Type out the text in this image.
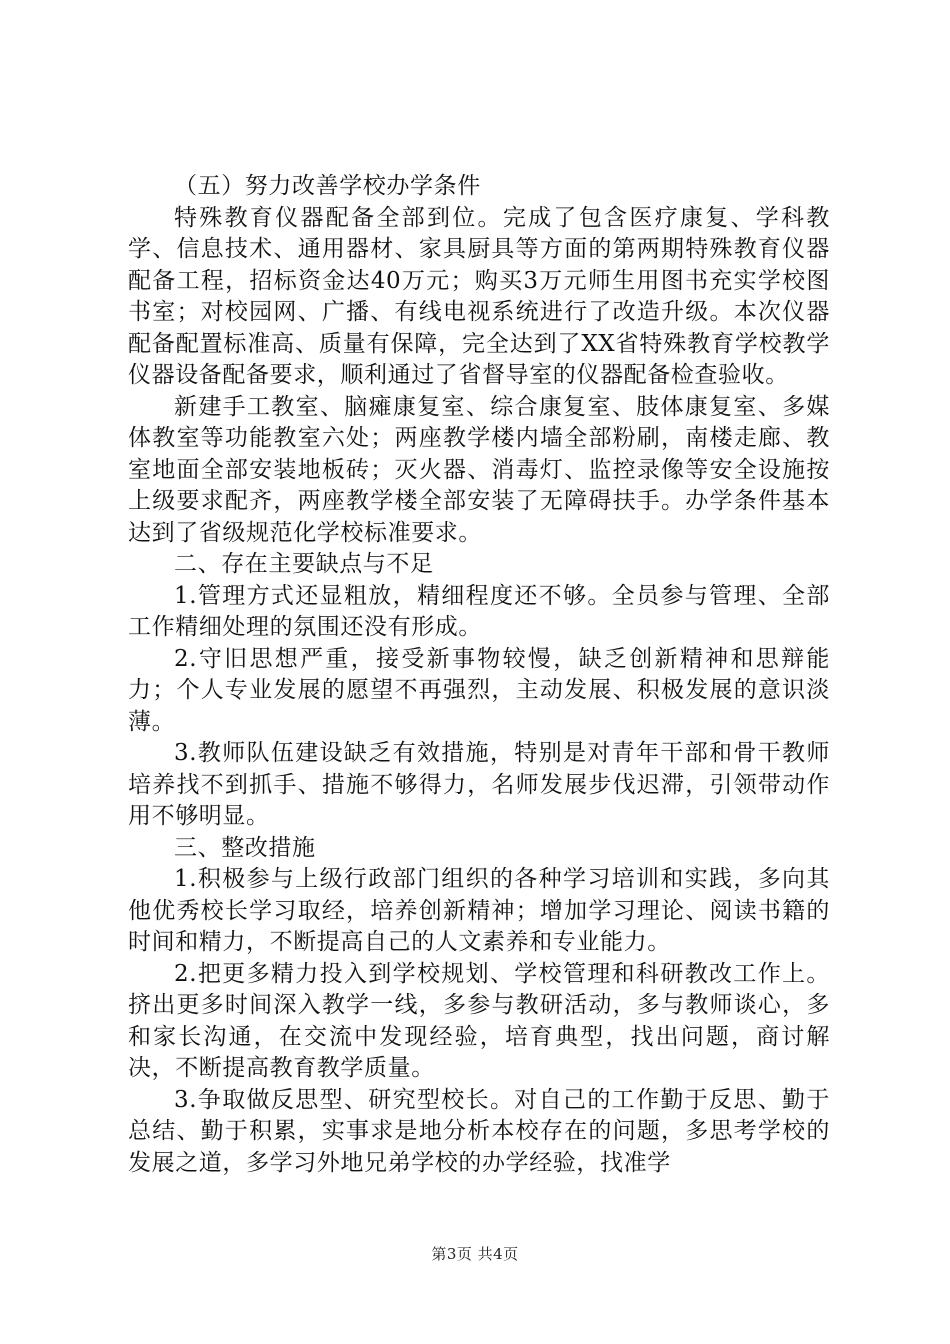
（五）努力改善学校办学条件

特殊教育仪器配备全部到位。完成了包含医疗康复、学科教学、信息技术、通用器材、家具厨具等方面的第两期特殊教育仪器配备工程，招标资金达40万元；购买3万元师生用图书充实学校图书室；对校园网、广播、有线电视系统进行了改造升级。本次仪器配备配置标准高、质量有保障，完全达到了XX省特殊教育学校教学仪器设备配备要求，顺利通过了省督导室的仪器配备检查验收。

新建手工教室、脑瘫康复室、综合康复室、肢体康复室、多媒体教室等功能教室六处；两座教学楼内墙全部粉刷，南楼走廊、教室地面全部安装地板砖；灭火器、消毒灯、监控录像等安全设施按上级要求配齐，两座教学楼全部安装了无障碍扶手。办学条件基本达到了省级规范化学校标准要求。

二、存在主要缺点与不足

1.管理方式还显粗放，精细程度还不够。全员参与管理、全部工作精细处理的氛围还没有形成。

2.守旧思想严重，接受新事物较慢，缺乏创新精神和思辩能力；个人专业发展的愿望不再强烈，主动发展、积极发展的意识淡薄。

3.教师队伍建设缺乏有效措施，特别是对青年干部和骨干教师培养找不到抓手、措施不够得力，名师发展步伐迟滞，引领带动作用不够明显。

三、整改措施

1.积极参与上级行政部门组织的各种学习培训和实践，多向其他优秀校长学习取经，培养创新精神；增加学习理论、阅读书籍的时间和精力，不断提高自己的人文素养和专业能力。

2.把更多精力投入到学校规划、学校管理和科研教改工作上。挤出更多时间深入教学一线，多参与教研活动，多与教师谈心，多和家长沟通，在交流中发现经验，培育典型，找出问题，商讨解决，不断提高教育教学质量。

3.争取做反思型、研究型校长。对自己的工作勤于反思、勤于总结、勤于积累，实事求是地分析本校存在的问题，多思考学校的发展之道，多学习外地兄弟学校的办学经验，找准学

第3页 共4页
